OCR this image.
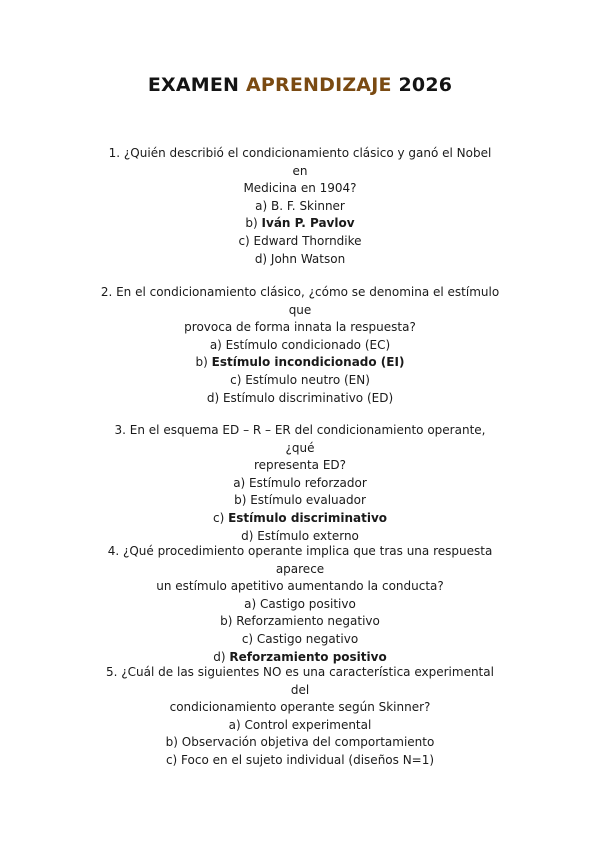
EXAMEN APRENDIZAJE 2026

1. ¿Quién describió el condicionamiento clásico y ganó el Nobel en

Medicina en 1904?

a) B. F. Skinner

b) Iván P. Pavlov

c) Edward Thorndike

d) John Watson

2. En el condicionamiento clásico, ¿cómo se denomina el estímulo que

provoca de forma innata la respuesta?

a) Estímulo condicionado (EC)

b) Estímulo incondicionado (EI)

c) Estímulo neutro (EN)

d) Estímulo discriminativo (ED)

3. En el esquema ED – R – ER del condicionamiento operante, ¿qué

representa ED?

a) Estímulo reforzador

b) Estímulo evaluador

c) Estímulo discriminativo

d) Estímulo externo

4. ¿Qué procedimiento operante implica que tras una respuesta aparece

un estímulo apetitivo aumentando la conducta?

a) Castigo positivo

b) Reforzamiento negativo

c) Castigo negativo

d) Reforzamiento positivo

5. ¿Cuál de las siguientes NO es una característica experimental del

condicionamiento operante según Skinner?

a) Control experimental

b) Observación objetiva del comportamiento

c) Foco en el sujeto individual (diseños N=1)
